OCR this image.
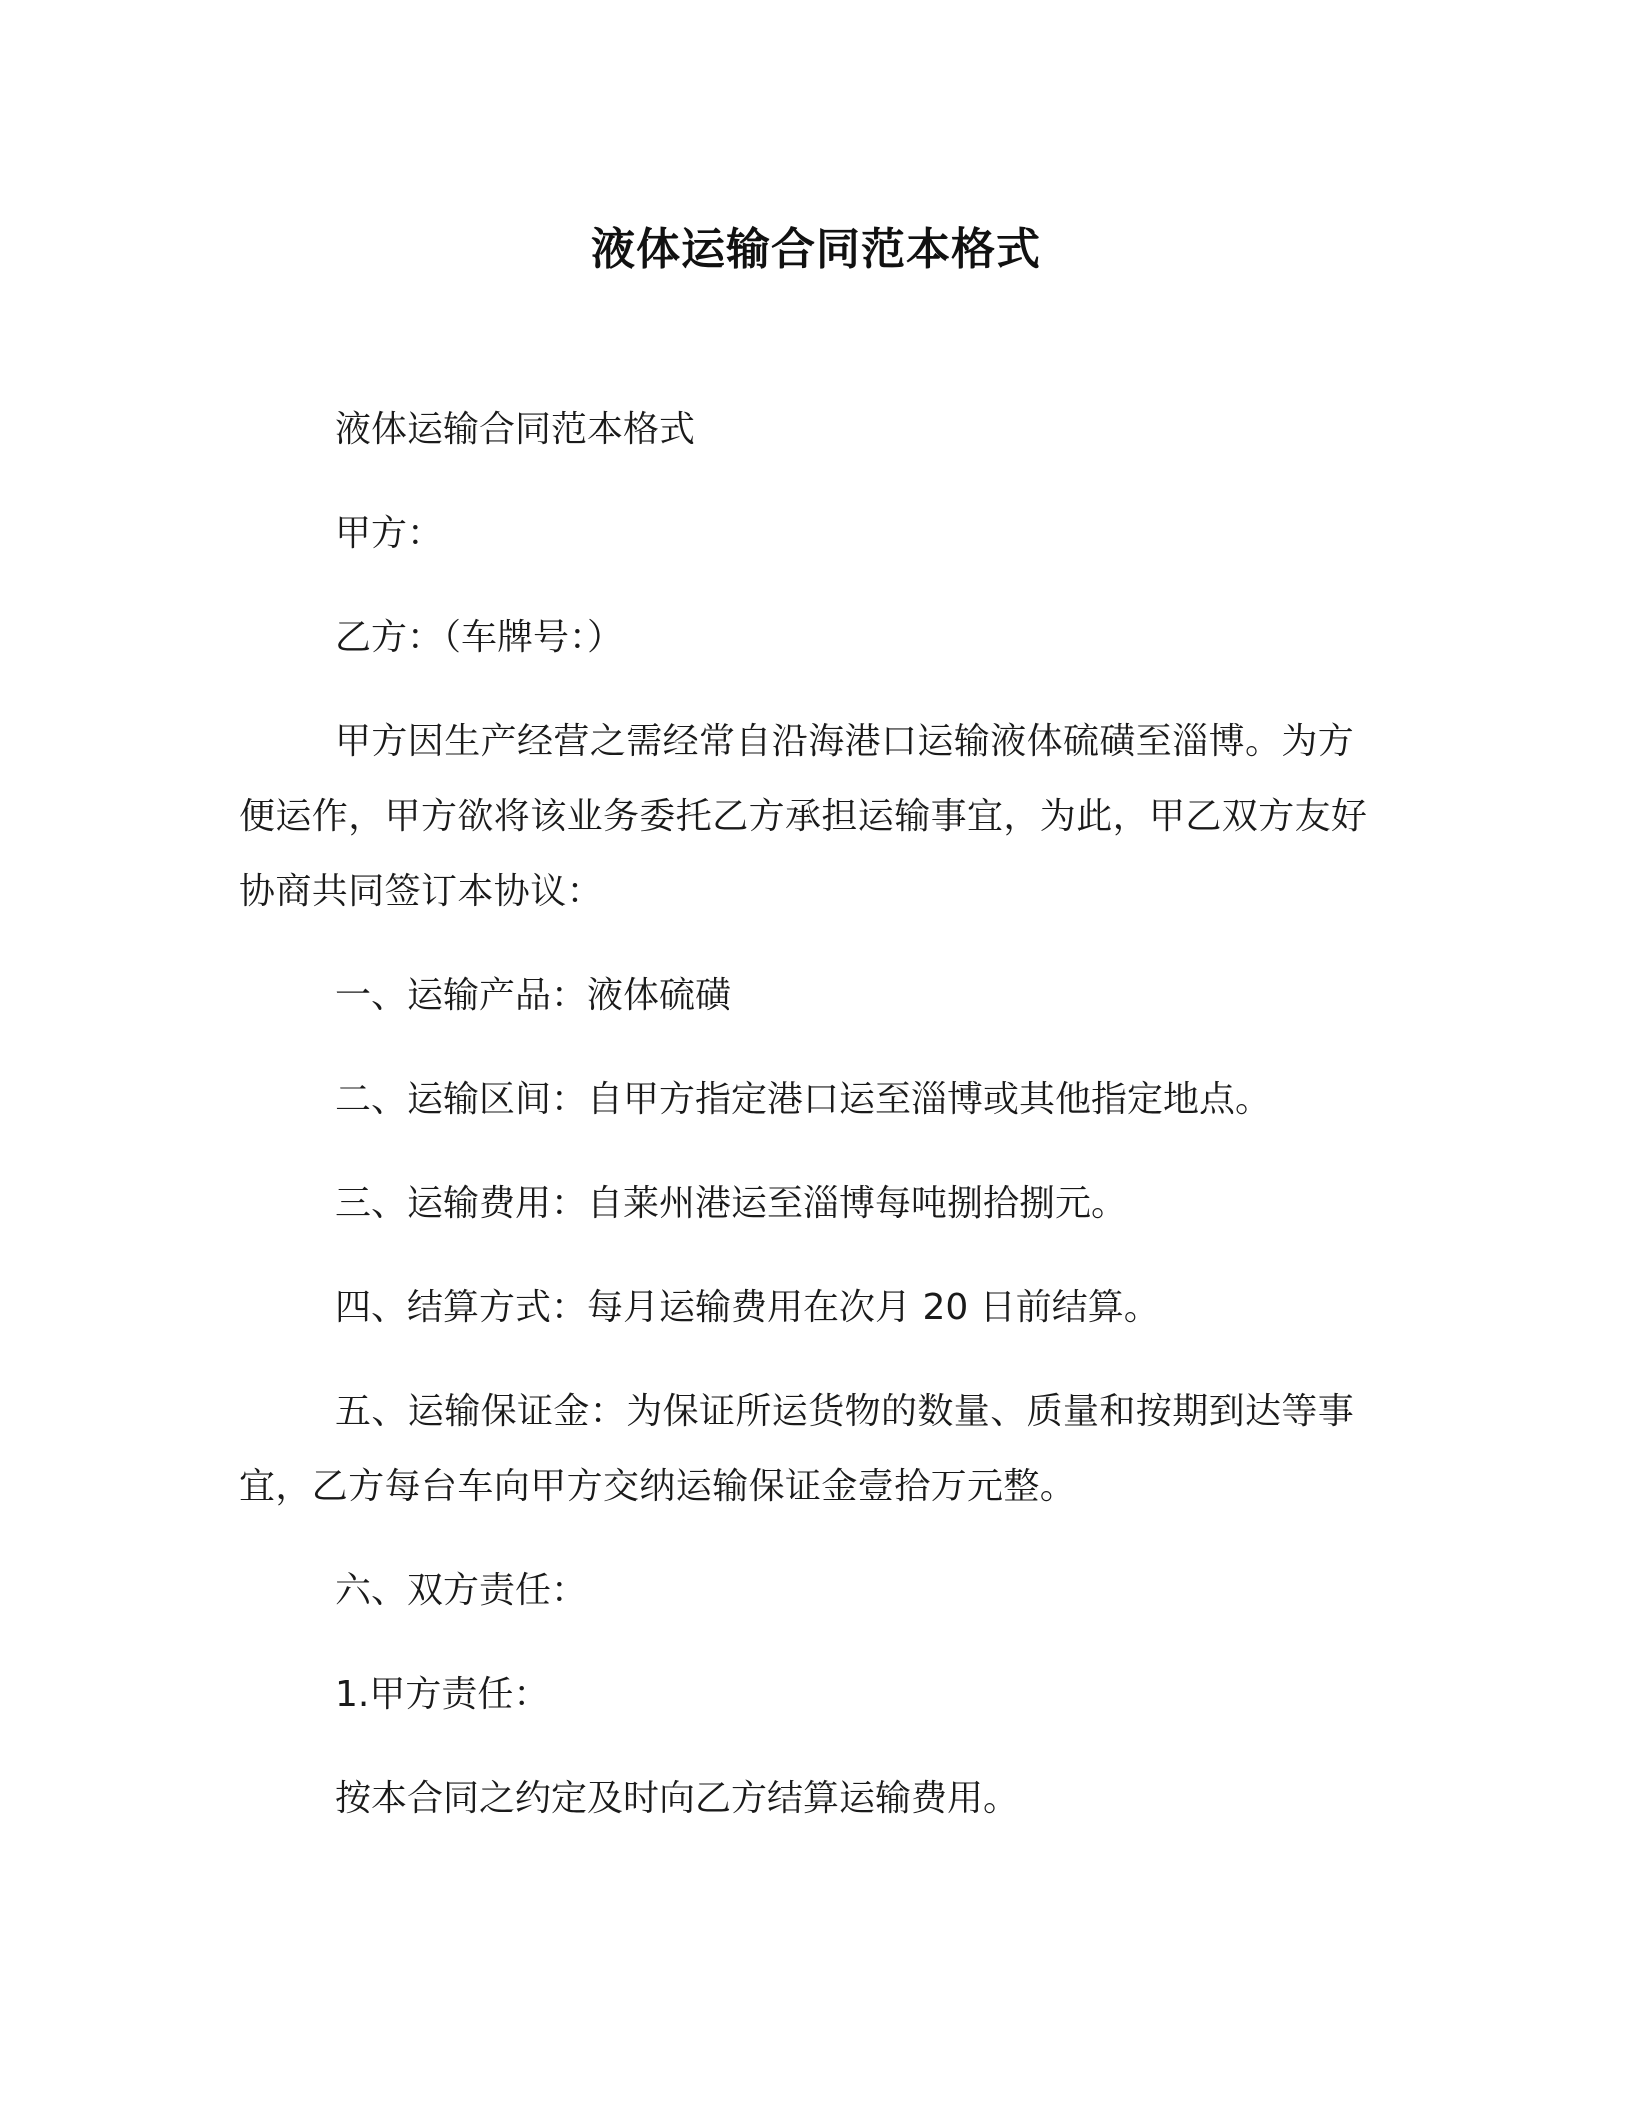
液体运输合同范本格式

液体运输合同范本格式

甲方：

乙方：（车牌号：）

甲方因生产经营之需经常自沿海港口运输液体硫磺至淄博。为方便运作，甲方欲将该业务委托乙方承担运输事宜，为此，甲乙双方友好协商共同签订本协议：

一、运输产品：液体硫磺

二、运输区间：自甲方指定港口运至淄博或其他指定地点。

三、运输费用：自莱州港运至淄博每吨捌拾捌元。

四、结算方式：每月运输费用在次月 20 日前结算。

五、运输保证金：为保证所运货物的数量、质量和按期到达等事宜，乙方每台车向甲方交纳运输保证金壹拾万元整。

六、双方责任：

1.甲方责任：

按本合同之约定及时向乙方结算运输费用。
